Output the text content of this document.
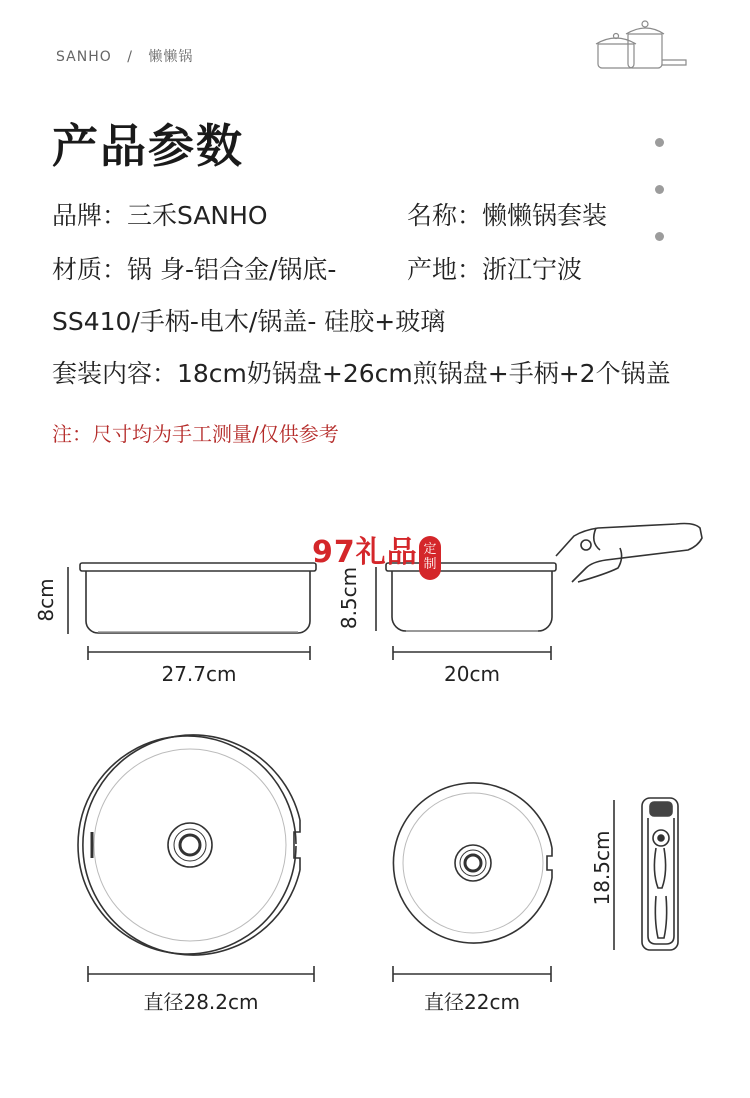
SANHO / 懒懒锅
产品参数
品牌：三禾SANHO	名称：懒懒锅套装
材质：锅 身-铝合金/锅底-	产地：浙江宁波
SS410/手柄-电木/锅盖- 硅胶+玻璃
套装内容：18cm奶锅盘+26cm煎锅盘+手柄+2个锅盖
注：尺寸均为手工测量/仅供参考
8cm
27.7cm
8.5cm
20cm
直径28.2cm	直径22cm
18.5cm
97礼品 定制
